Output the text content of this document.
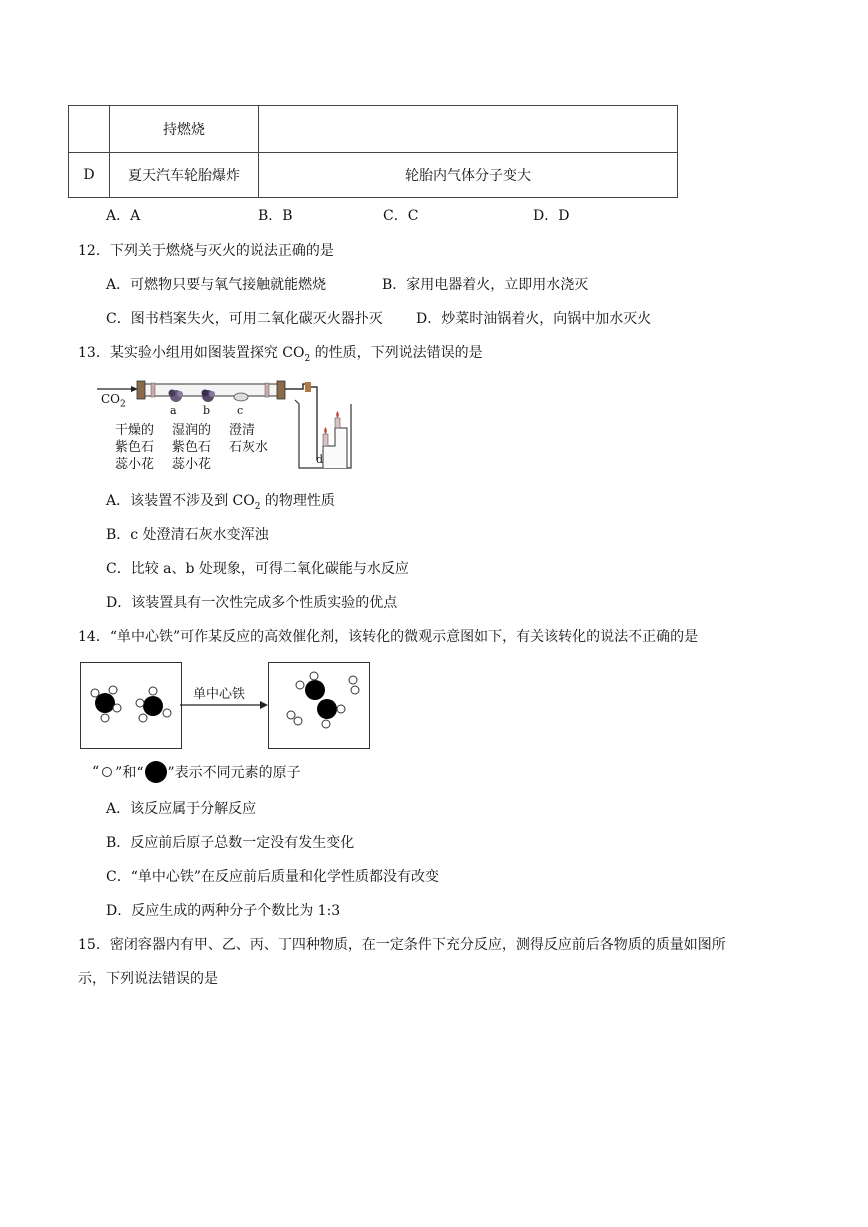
	持燃烧	
D	夏天汽车轮胎爆炸	轮胎内气体分子变大
A．A	B．B	C．C	D．D
12．下列关于燃烧与灭火的说法正确的是
A．可燃物只要与氧气接触就能燃烧	B．家用电器着火，立即用水浇灭
C．图书档案失火，可用二氧化碳灭火器扑灭 D．炒菜时油锅着火，向锅中加水灭火
13．某实验小组用如图装置探究 $CO_2$ 的性质，下列说法错误的是
$CO_2$	a b c
d
干燥的
紫色石
蕊小花
湿润的
紫色石
蕊小花
澄清
石灰水
A．该装置不涉及到 $CO_2$ 的物理性质
B．c 处澄清石灰水变浑浊
C．比较 a、b 处现象，可得二氧化碳能与水反应
D．该装置具有一次性完成多个性质实验的优点
14．“单中心铁”可作某反应的高效催化剂，该转化的微观示意图如下，有关该转化的说法不正确的是
单中心铁
“ ”和“ ”表示不同元素的原子
A．该反应属于分解反应
B．反应前后原子总数一定没有发生变化
C．“单中心铁”在反应前后质量和化学性质都没有改变
D．反应生成的两种分子个数比为 1:3
15．密闭容器内有甲、乙、丙、丁四种物质，在一定条件下充分反应，测得反应前后各物质的质量如图所
示，下列说法错误的是
